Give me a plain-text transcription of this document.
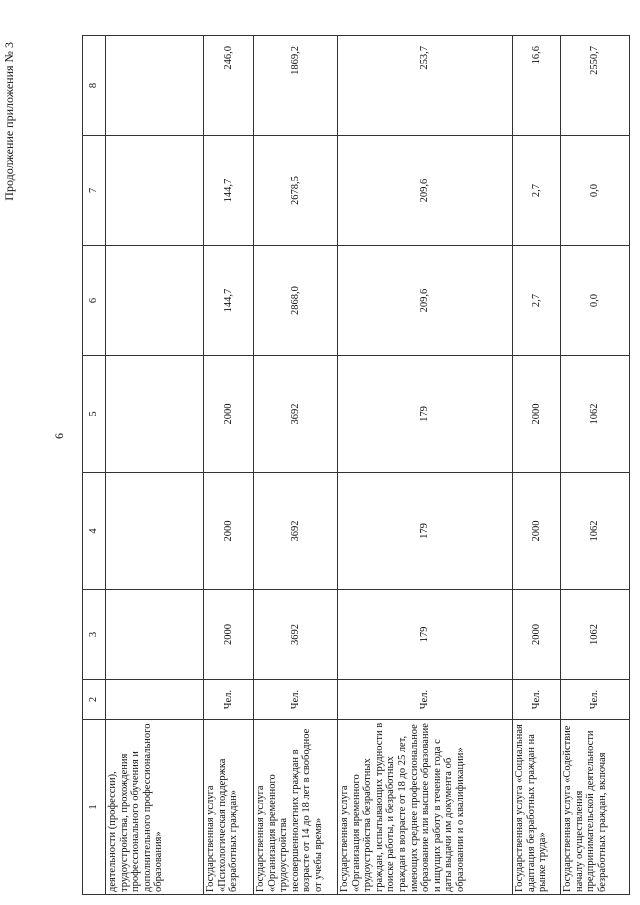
6
Продолжение приложения № 3
1	2	3	4	5	6	7	8
деятельности (профессии), трудоустройства, прохождения профессионального обучения и дополнительного профессионального образования»							
Государственная услуга «Психологическая поддержка безработных граждан»	Чел.	2000	2000	2000	144,7	144,7	246,0
Государственная услуга «Организация временного трудоустройства несовершеннолетних граждан в возрасте от 14 до 18 лет в свободное от учебы время»	Чел.	3692	3692	3692	2868,0	2678,5	1869,2
Государственная услуга «Организация временного трудоустройства безработных граждан, испытывающих трудности в поиске работы, и безработных граждан в возрасте от 18 до 25 лет, имеющих среднее профессиональное образование или высшее образование и ищущих работу в течение года с даты выдачи им документа об образовании и о квалификации»	Чел.	179	179	179	209,6	209,6	253,7
Государственная услуга «Социальная адаптация безработных граждан на рынке труда»	Чел.	2000	2000	2000	2,7	2,7	16,6
Государственная услуга «Содействие началу осуществления предпринимательской деятельности безработных граждан, включая	Чел.	1062	1062	1062	0,0	0,0	2550,7
